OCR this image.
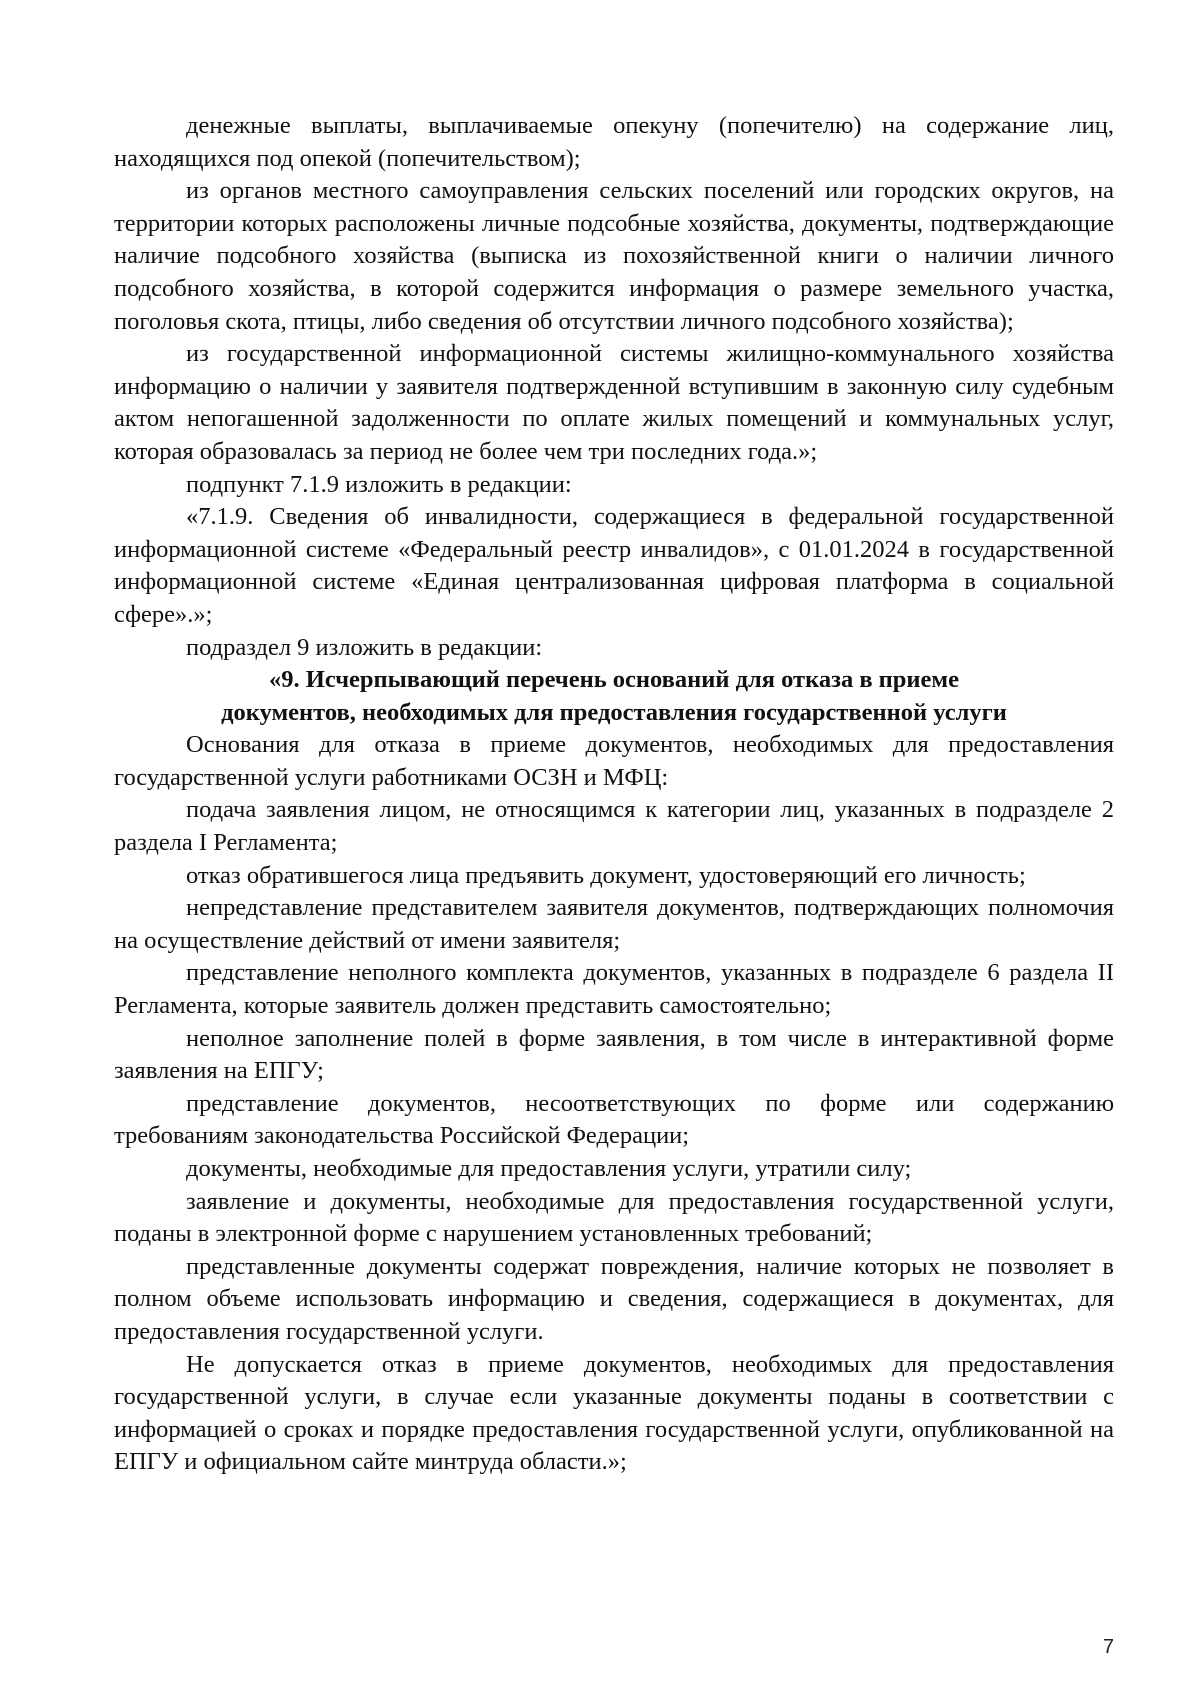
денежные выплаты, выплачиваемые опекуну (попечителю) на содержание лиц, находящихся под опекой (попечительством);

из органов местного самоуправления сельских поселений или городских округов, на территории которых расположены личные подсобные хозяйства, документы, подтверждающие наличие подсобного хозяйства (выписка из похозяйственной книги о наличии личного подсобного хозяйства, в которой содержится информация о размере земельного участка, поголовья скота, птицы, либо сведения об отсутствии личного подсобного хозяйства);

из государственной информационной системы жилищно-коммунального хозяйства информацию о наличии у заявителя подтвержденной вступившим в законную силу судебным актом непогашенной задолженности по оплате жилых помещений и коммунальных услуг, которая образовалась за период не более чем три последних года.»;

подпункт 7.1.9 изложить в редакции:

«7.1.9. Сведения об инвалидности, содержащиеся в федеральной государственной информационной системе «Федеральный реестр инвалидов», с 01.01.2024 в государственной информационной системе «Единая централизованная цифровая платформа в социальной сфере».»;

подраздел 9 изложить в редакции:

«9. Исчерпывающий перечень оснований для отказа в приеме
документов, необходимых для предоставления государственной услуги

Основания для отказа в приеме документов, необходимых для предоставления государственной услуги работниками ОСЗН и МФЦ:

подача заявления лицом, не относящимся к категории лиц, указанных в подразделе 2 раздела I Регламента;

отказ обратившегося лица предъявить документ, удостоверяющий его личность;

непредставление представителем заявителя документов, подтверждающих полномочия на осуществление действий от имени заявителя;

представление неполного комплекта документов, указанных в подразделе 6 раздела II Регламента, которые заявитель должен представить самостоятельно;

неполное заполнение полей в форме заявления, в том числе в интерактивной форме заявления на ЕПГУ;

представление документов, несоответствующих по форме или содержанию требованиям законодательства Российской Федерации;

документы, необходимые для предоставления услуги, утратили силу;

заявление и документы, необходимые для предоставления государственной услуги, поданы в электронной форме с нарушением установленных требований;

представленные документы содержат повреждения, наличие которых не позволяет в полном объеме использовать информацию и сведения, содержащиеся в документах, для предоставления государственной услуги.

Не допускается отказ в приеме документов, необходимых для предоставления государственной услуги, в случае если указанные документы поданы в соответствии с информацией о сроках и порядке предоставления государственной услуги, опубликованной на ЕПГУ и официальном сайте минтруда области.»;

7
